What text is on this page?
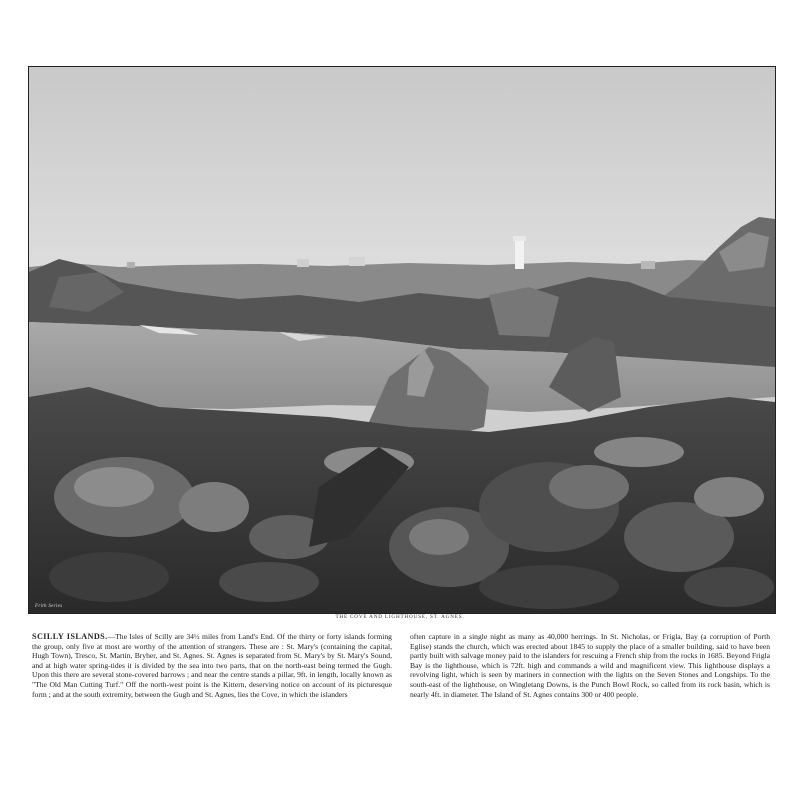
Frith Series
THE COVE AND LIGHTHOUSE, ST. AGNES.
SCILLY ISLANDS.—The Isles of Scilly are 34½ miles from Land's End. Of the thirty or forty islands forming the group, only five at most are worthy of the attention of strangers. These are : St. Mary's (containing the capital, Hugh Town), Tresco, St. Martin, Bryher, and St. Agnes. St. Agnes is separated from St. Mary's by St. Mary's Sound, and at high water spring-tides it is divided by the sea into two parts, that on the north-east being termed the Gugh. Upon this there are several stone-covered barrows ; and near the centre stands a pillar, 9ft. in length, locally known as "The Old Man Cutting Turf." Off the north-west point is the Kittern, deserving notice on account of its picturesque form ; and at the south extremity, between the Gugh and St. Agnes, lies the Cove, in which the islanders
often capture in a single night as many as 40,000 herrings. In St. Nicholas, or Frigla, Bay (a corruption of Porth Eglise) stands the church, which was erected about 1845 to supply the place of a smaller building, said to have been partly built with salvage money paid to the islanders for rescuing a French ship from the rocks in 1685. Beyond Frigla Bay is the lighthouse, which is 72ft. high and commands a wild and magnificent view. This lighthouse displays a revolving light, which is seen by mariners in connection with the lights on the Seven Stones and Longships. To the south-east of the lighthouse, on Wingletang Downs, is the Punch Bowl Rock, so called from its rock basin, which is nearly 4ft. in diameter. The Island of St. Agnes contains 300 or 400 people.
